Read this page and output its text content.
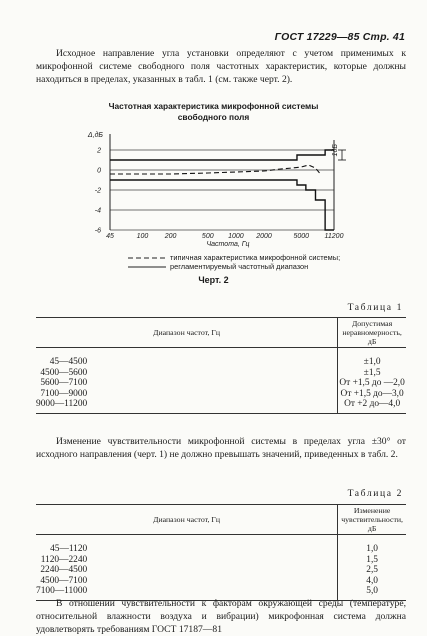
ГОСТ 17229—85 Стр. 41

Исходное направление угла установки определяют с учетом применимых к микрофонной системе свободного поля частотных характеристик, которые должны находиться в пределах, указанных в табл. 1 (см. также черт. 2).

Частотная характеристика микрофонной системы
свободного поля
2
0
-2
-4
-6
Δ,дБ
45	100 200	500 1000 2000	5000 11200
Частота, Гц
1дБ
типичная характеристика микрофонной системы;
регламентируемый частотный диапазон
Черт. 2
Таблица 1
Диапазон частот, Гц	Допустимая неравномерность, дБ
45—4500	±1,0
4500—5600	±1,5
5600—7100	От +1,5 до —2,0
7100—9000	От +1,5 до—3,0
9000—11200	От +2 до—4,0

Изменение чувствительности микрофонной системы в пределах угла ±30° от исходного направления (черт. 1) не должно превышать значений, приведенных в табл. 2.

Таблица 2
Диапазон частот, Гц	Изменение чувствительности, дБ
45—1120	1,0
1120—2240	1,5
2240—4500	2,5
4500—7100	4,0
7100—11000	5,0

В отношении чувствительности к факторам окружающей среды (температуре, относительной влажности воздуха и вибрации) микрофонная система должна удовлетворять требованиям ГОСТ 17187—81
